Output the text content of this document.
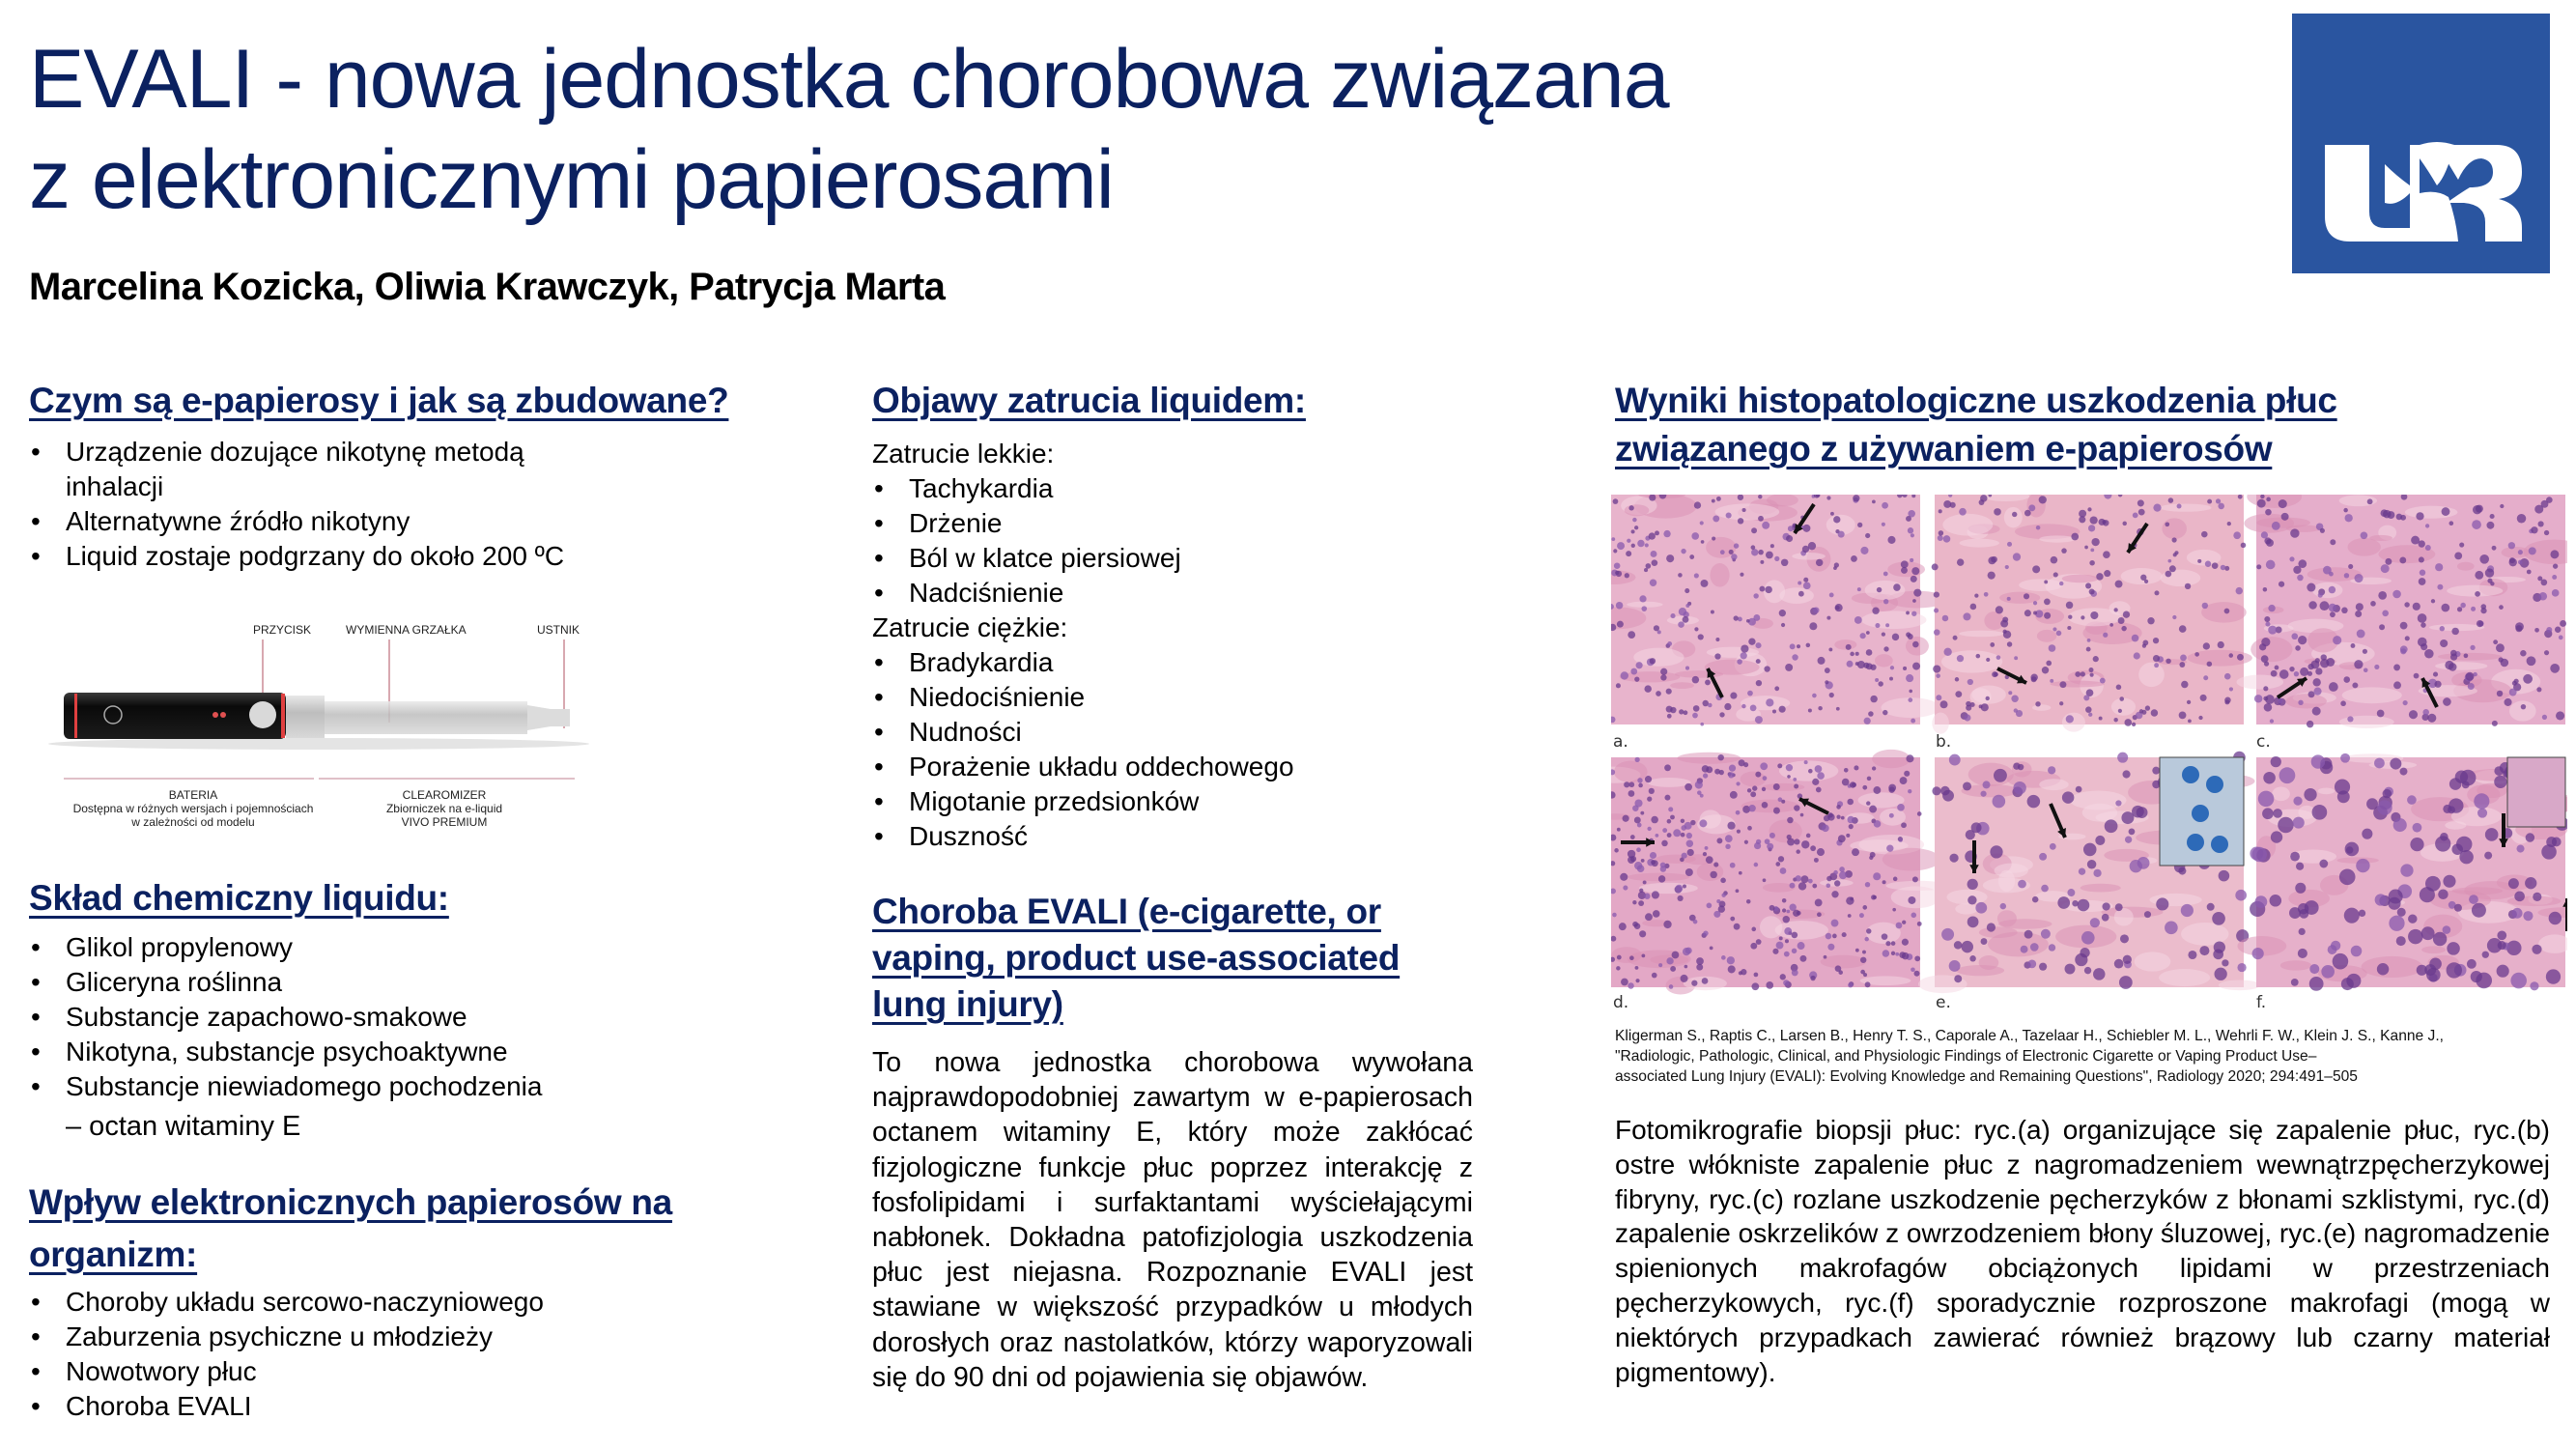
EVALI - nowa jednostka chorobowa związana
z elektronicznymi papierosami
Marcelina Kozicka, Oliwia Krawczyk, Patrycja Marta
Czym są e-papierosy i jak są zbudowane?
• Urządzenie dozujące nikotynę metodą inhalacji
• Alternatywne źródło nikotyny
• Liquid zostaje podgrzany do około 200 ºC
PRZYCISK	WYMIENNA GRZAŁKA	USTNIK
BATERIA
Dostępna w różnych wersjach i pojemnościach
w zależności od modelu
CLEAROMIZER
Zbiorniczek na e-liquid
VIVO PREMIUM
Skład chemiczny liquidu:
• Glikol propylenowy
• Gliceryna roślinna
• Substancje zapachowo-smakowe
• Nikotyna, substancje psychoaktywne
• Substancje niewiadomego pochodzenia
– octan witaminy E
Wpływ elektronicznych papierosów na
organizm:
• Choroby układu sercowo-naczyniowego
• Zaburzenia psychiczne u młodzieży
• Nowotwory płuc
• Choroba EVALI
Objawy zatrucia liquidem:
Zatrucie lekkie:
• Tachykardia
• Drżenie
• Ból w klatce piersiowej
• Nadciśnienie
Zatrucie ciężkie:
• Bradykardia
• Niedociśnienie
• Nudności
• Porażenie układu oddechowego
• Migotanie przedsionków
• Duszność
Choroba EVALI (e-cigarette, or
vaping, product use-associated
lung injury)
To nowa jednostka chorobowa wywołana najprawdopodobniej zawartym w e-papierosach octanem witaminy E, który może zakłócać fizjologiczne funkcje płuc poprzez interakcję z fosfolipidami i surfaktantami wyściełającymi nabłonek. Dokładna patofizjologia uszkodzenia płuc jest niejasna. Rozpoznanie EVALI jest stawiane w większość przypadków u młodych dorosłych oraz nastolatków, którzy waporyzowali się do 90 dni od pojawienia się objawów.
Wyniki histopatologiczne uszkodzenia płuc
związanego z używaniem e-papierosów
a.	b.	c.
d.	e.	f.
Kligerman S., Raptis C., Larsen B., Henry T. S., Caporale A., Tazelaar H., Schiebler M. L., Wehrli F. W., Klein J. S., Kanne J.,
"Radiologic, Pathologic, Clinical, and Physiologic Findings of Electronic Cigarette or Vaping Product Use–
associated Lung Injury (EVALI): Evolving Knowledge and Remaining Questions", Radiology 2020; 294:491–505
Fotomikrografie biopsji płuc: ryc.(a) organizujące się zapalenie płuc, ryc.(b) ostre włókniste zapalenie płuc z nagromadzeniem wewnątrzpęcherzykowej fibryny, ryc.(c) rozlane uszkodzenie pęcherzyków z błonami szklistymi, ryc.(d) zapalenie oskrzelików z owrzodzeniem błony śluzowej, ryc.(e) nagromadzenie spienionych makrofagów obciążonych lipidami w przestrzeniach pęcherzykowych, ryc.(f) sporadycznie rozproszone makrofagi (mogą w niektórych przypadkach zawierać również brązowy lub czarny materiał pigmentowy).
